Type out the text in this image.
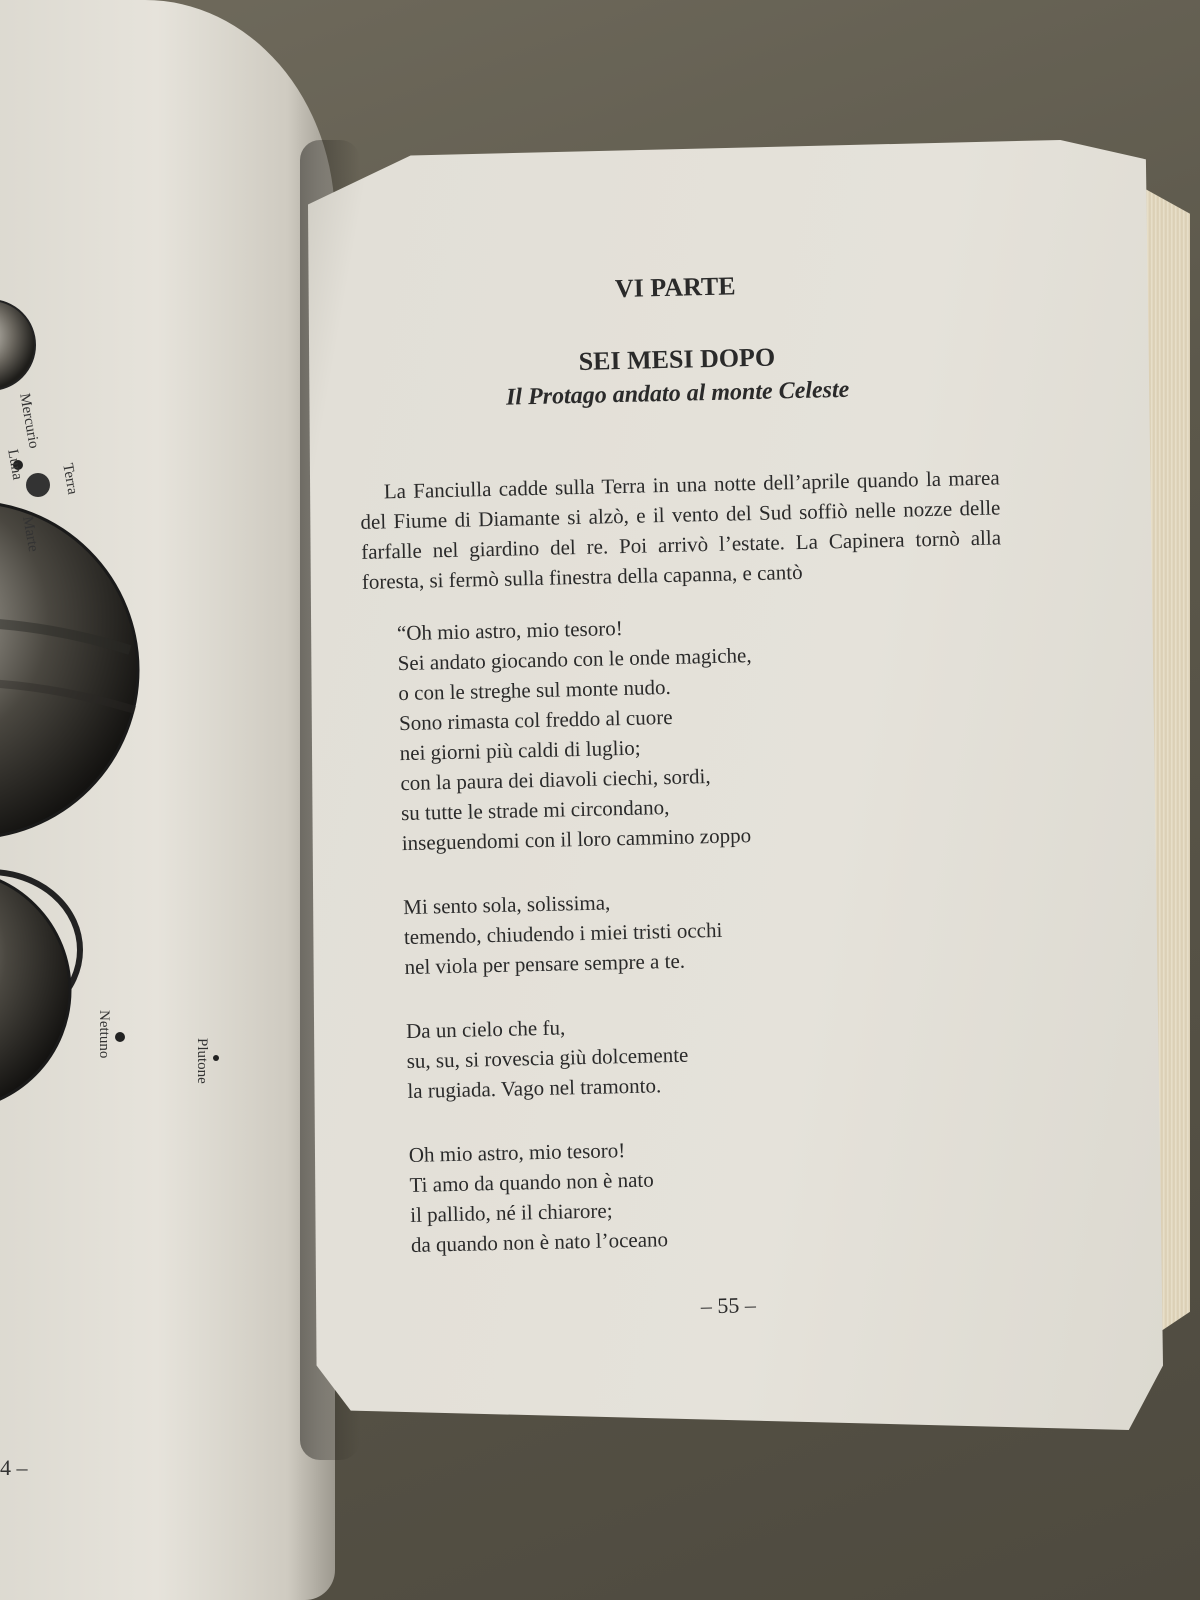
Mercurio
Terra
Marte
Luna
Nettuno
Plutone
4 –
VI PARTE
SEI MESI DOPO
Il Protago andato al monte Celeste

La Fanciulla cadde sulla Terra in una notte dell’aprile quando la marea del Fiume di Diamante si alzò, e il vento del Sud soffiò nelle nozze delle farfalle nel giardino del re. Poi arrivò l’estate. La Capinera tornò alla foresta, si fermò sulla finestra della capanna, e cantò

“Oh mio astro, mio tesoro!
Sei andato giocando con le onde magiche,
o con le streghe sul monte nudo.
Sono rimasta col freddo al cuore
nei giorni più caldi di luglio;
con la paura dei diavoli ciechi, sordi,
su tutte le strade mi circondano,
inseguendomi con il loro cammino zoppo
Mi sento sola, solissima,
temendo, chiudendo i miei tristi occhi
nel viola per pensare sempre a te.
Da un cielo che fu,
su, su, si rovescia giù dolcemente
la rugiada. Vago nel tramonto.
Oh mio astro, mio tesoro!
Ti amo da quando non è nato
il pallido, né il chiarore;
da quando non è nato l’oceano
– 55 –
